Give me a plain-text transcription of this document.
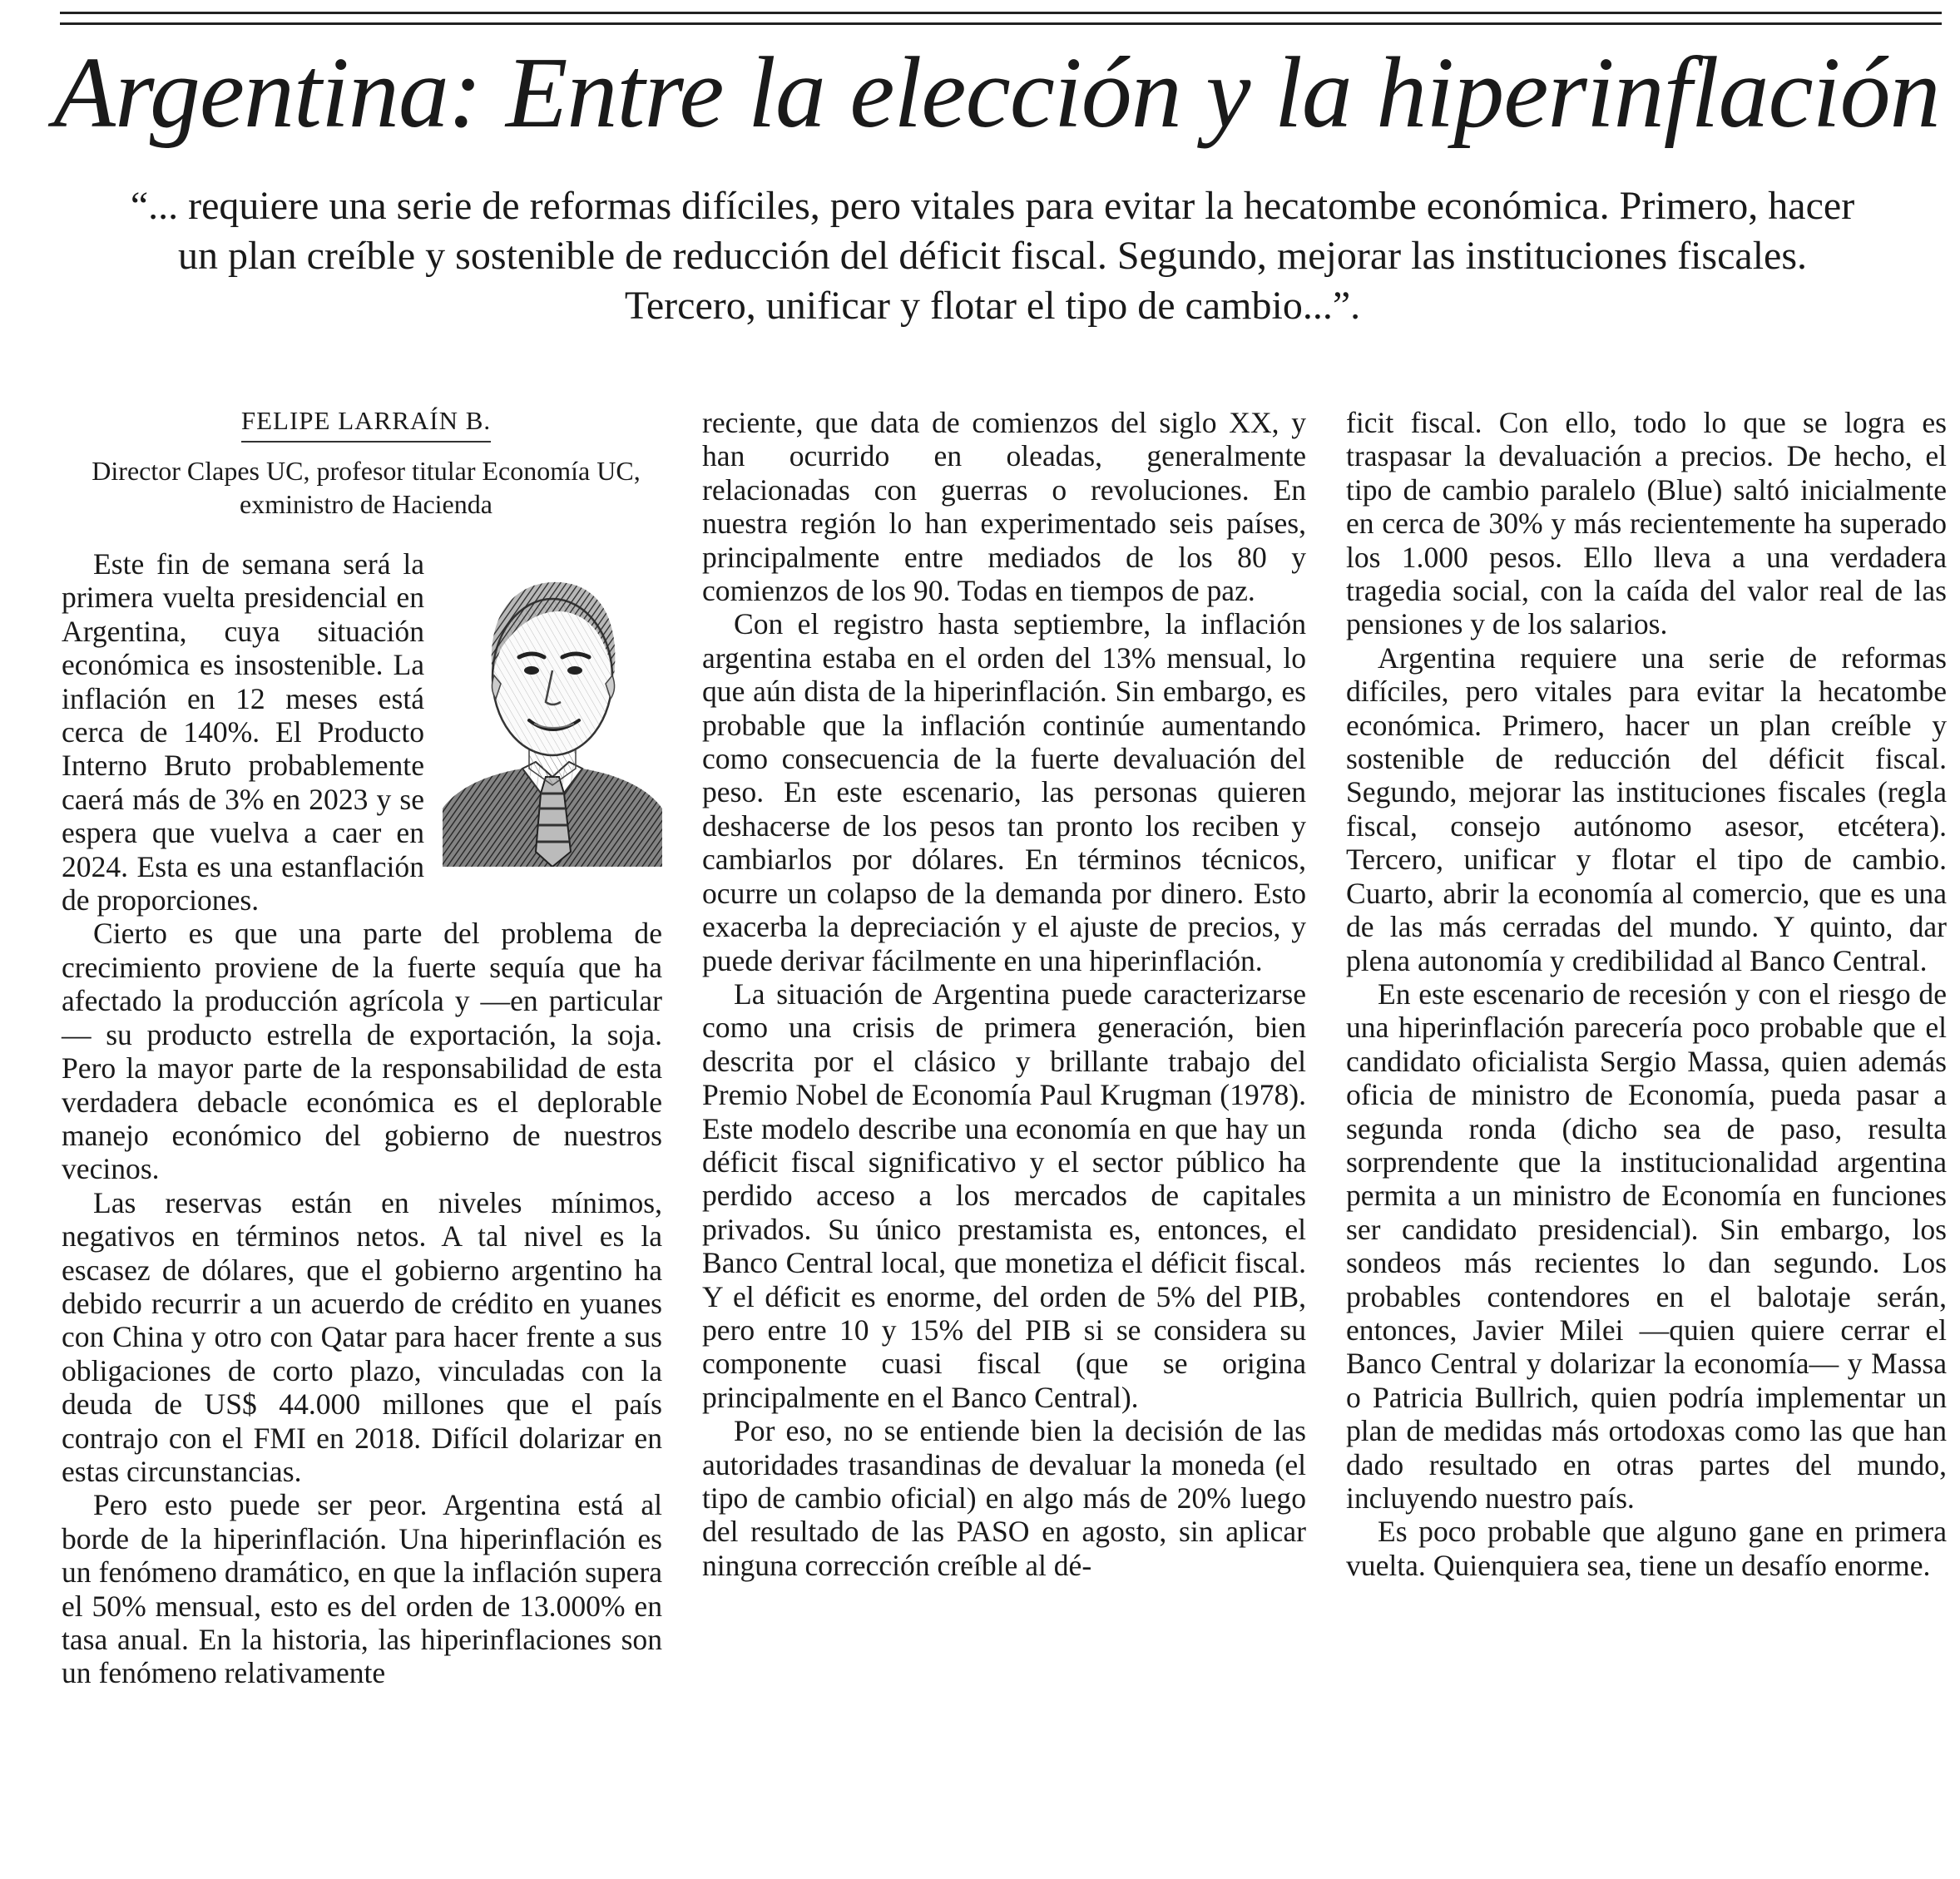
Argentina: Entre la elección y la hiperinflación
“... requiere una serie de reformas difíciles, pero vitales para evitar la hecatombe económica. Primero, hacer un plan creíble y sostenible de reducción del déficit fiscal. Segundo, mejorar las instituciones fiscales. Tercero, unificar y flotar el tipo de cambio...”.
FELIPE LARRAÍN B.
Director Clapes UC, profesor titular Economía UC, exministro de Hacienda

Este fin de semana será la primera vuelta presidencial en Argentina, cuya situación económica es insostenible. La inflación en 12 meses está cerca de 140%. El Producto Interno Bruto probablemente caerá más de 3% en 2023 y se espera que vuelva a caer en 2024. Esta es una estanflación de proporciones.

Cierto es que una parte del problema de crecimiento proviene de la fuerte sequía que ha afectado la producción agrícola y —en particular— su producto estrella de exportación, la soja. Pero la mayor parte de la responsabilidad de esta verdadera debacle económica es el deplorable manejo económico del gobierno de nuestros vecinos.

Las reservas están en niveles mínimos, negativos en términos netos. A tal nivel es la escasez de dólares, que el gobierno argentino ha debido recurrir a un acuerdo de crédito en yuanes con China y otro con Qatar para hacer frente a sus obligaciones de corto plazo, vinculadas con la deuda de US$ 44.000 millones que el país contrajo con el FMI en 2018. Difícil dolarizar en estas circunstancias.

Pero esto puede ser peor. Argentina está al borde de la hiperinflación. Una hiperinflación es un fenómeno dramático, en que la inflación supera el 50% mensual, esto es del orden de 13.000% en tasa anual. En la historia, las hiperinflaciones son un fenómeno relativamente

reciente, que data de comienzos del siglo XX, y han ocurrido en oleadas, generalmente relacionadas con guerras o revoluciones. En nuestra región lo han experimentado seis países, principalmente entre mediados de los 80 y comienzos de los 90. Todas en tiempos de paz.

Con el registro hasta septiembre, la inflación argentina estaba en el orden del 13% mensual, lo que aún dista de la hiperinflación. Sin embargo, es probable que la inflación continúe aumentando como consecuencia de la fuerte devaluación del peso. En este escenario, las personas quieren deshacerse de los pesos tan pronto los reciben y cambiarlos por dólares. En términos técnicos, ocurre un colapso de la demanda por dinero. Esto exacerba la depreciación y el ajuste de precios, y puede derivar fácilmente en una hiperinflación.

La situación de Argentina puede caracterizarse como una crisis de primera generación, bien descrita por el clásico y brillante trabajo del Premio Nobel de Economía Paul Krugman (1978). Este modelo describe una economía en que hay un déficit fiscal significativo y el sector público ha perdido acceso a los mercados de capitales privados. Su único prestamista es, entonces, el Banco Central local, que monetiza el déficit fiscal. Y el déficit es enorme, del orden de 5% del PIB, pero entre 10 y 15% del PIB si se considera su componente cuasi fiscal (que se origina principalmente en el Banco Central).

Por eso, no se entiende bien la decisión de las autoridades trasandinas de devaluar la moneda (el tipo de cambio oficial) en algo más de 20% luego del resultado de las PASO en agosto, sin aplicar ninguna corrección creíble al dé-

ficit fiscal. Con ello, todo lo que se logra es traspasar la devaluación a precios. De hecho, el tipo de cambio paralelo (Blue) saltó inicialmente en cerca de 30% y más recientemente ha superado los 1.000 pesos. Ello lleva a una verdadera tragedia social, con la caída del valor real de las pensiones y de los salarios.

Argentina requiere una serie de reformas difíciles, pero vitales para evitar la hecatombe económica. Primero, hacer un plan creíble y sostenible de reducción del déficit fiscal. Segundo, mejorar las instituciones fiscales (regla fiscal, consejo autónomo asesor, etcétera). Tercero, unificar y flotar el tipo de cambio. Cuarto, abrir la economía al comercio, que es una de las más cerradas del mundo. Y quinto, dar plena autonomía y credibilidad al Banco Central.

En este escenario de recesión y con el riesgo de una hiperinflación parecería poco probable que el candidato oficialista Sergio Massa, quien además oficia de ministro de Economía, pueda pasar a segunda ronda (dicho sea de paso, resulta sorprendente que la institucionalidad argentina permita a un ministro de Economía en funciones ser candidato presidencial). Sin embargo, los sondeos más recientes lo dan segundo. Los probables contendores en el balotaje serán, entonces, Javier Milei —quien quiere cerrar el Banco Central y dolarizar la economía— y Massa o Patricia Bullrich, quien podría implementar un plan de medidas más ortodoxas como las que han dado resultado en otras partes del mundo, incluyendo nuestro país.

Es poco probable que alguno gane en primera vuelta. Quienquiera sea, tiene un desafío enorme.
